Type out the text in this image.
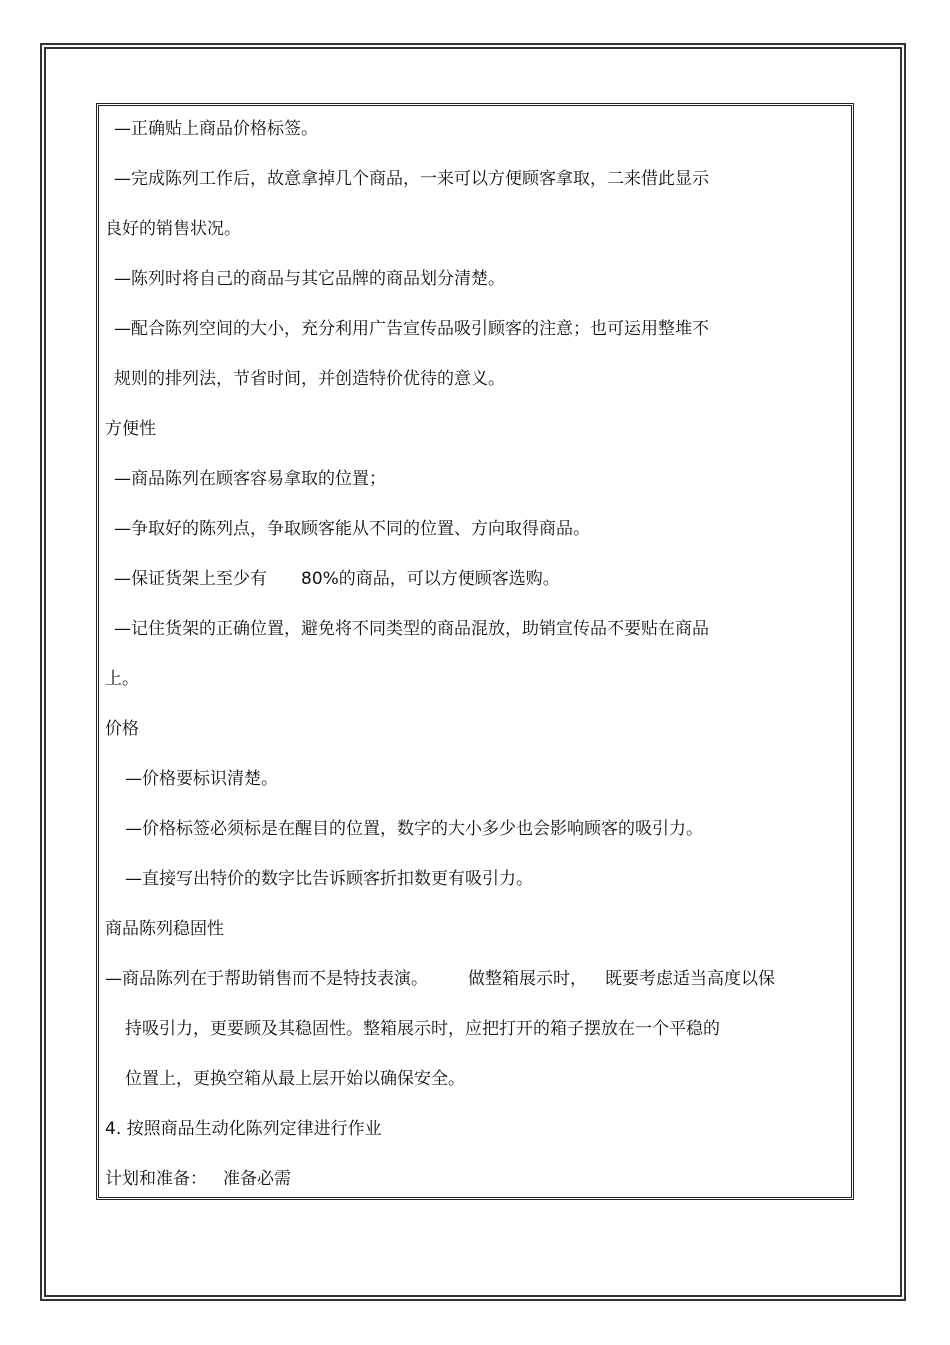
—正确贴上商品价格标签。
—完成陈列工作后，故意拿掉几个商品，一来可以方便顾客拿取，二来借此显示
良好的销售状况。
—陈列时将自己的商品与其它品牌的商品划分清楚。
—配合陈列空间的大小，充分利用广告宣传品吸引顾客的注意；也可运用整堆不
规则的排列法，节省时间，并创造特价优待的意义。
方便性
—商品陈列在顾客容易拿取的位置；
—争取好的陈列点，争取顾客能从不同的位置、方向取得商品。
—保证货架上至少有 80%的商品，可以方便顾客选购。
—记住货架的正确位置，避免将不同类型的商品混放，助销宣传品不要贴在商品
上。
价格
—价格要标识清楚。
—价格标签必须标是在醒目的位置，数字的大小多少也会影响顾客的吸引力。
—直接写出特价的数字比告诉顾客折扣数更有吸引力。
商品陈列稳固性
—商品陈列在于帮助销售而不是特技表演。 做整箱展示时， 既要考虑适当高度以保
持吸引力，更要顾及其稳固性。整箱展示时，应把打开的箱子摆放在一个平稳的
位置上，更换空箱从最上层开始以确保安全。
4. 按照商品生动化陈列定律进行作业
计划和准备： 准备必需
